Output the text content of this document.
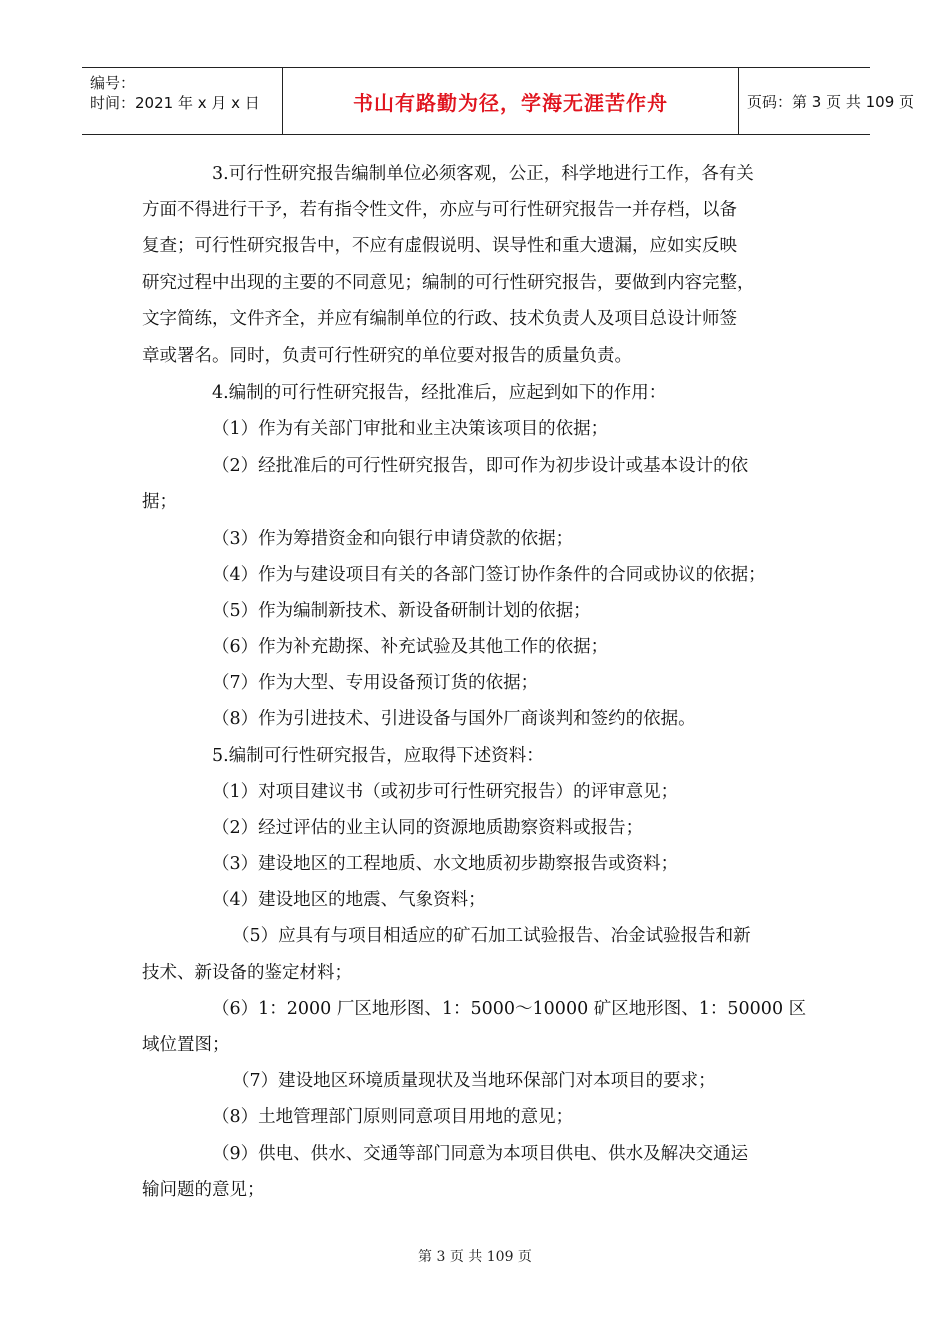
编号：
时间：2021 年 x 月 x 日	书山有路勤为径，学海无涯苦作舟	页码：第 3 页 共 109 页
3.可行性研究报告编制单位必须客观，公正，科学地进行工作，各有关
方面不得进行干予，若有指令性文件，亦应与可行性研究报告一并存档，以备
复查；可行性研究报告中，不应有虚假说明、误导性和重大遗漏，应如实反映
研究过程中出现的主要的不同意见；编制的可行性研究报告，要做到内容完整，
文字简练，文件齐全，并应有编制单位的行政、技术负责人及项目总设计师签
章或署名。同时，负责可行性研究的单位要对报告的质量负责。
4.编制的可行性研究报告，经批准后，应起到如下的作用：
（1）作为有关部门审批和业主决策该项目的依据；
（2）经批准后的可行性研究报告，即可作为初步设计或基本设计的依
据；
（3）作为筹措资金和向银行申请贷款的依据；
（4）作为与建设项目有关的各部门签订协作条件的合同或协议的依据；
（5）作为编制新技术、新设备研制计划的依据；
（6）作为补充勘探、补充试验及其他工作的依据；
（7）作为大型、专用设备预订货的依据；
（8）作为引进技术、引进设备与国外厂商谈判和签约的依据。
5.编制可行性研究报告，应取得下述资料：
（1）对项目建议书（或初步可行性研究报告）的评审意见；
（2）经过评估的业主认同的资源地质勘察资料或报告；
（3）建设地区的工程地质、水文地质初步勘察报告或资料；
（4）建设地区的地震、气象资料；
（5）应具有与项目相适应的矿石加工试验报告、冶金试验报告和新
技术、新设备的鉴定材料；
（6）1：2000 厂区地形图、1：5000～10000 矿区地形图、1：50000 区
域位置图；
（7）建设地区环境质量现状及当地环保部门对本项目的要求；
（8）土地管理部门原则同意项目用地的意见；
（9）供电、供水、交通等部门同意为本项目供电、供水及解决交通运
输问题的意见；
第 3 页 共 109 页
